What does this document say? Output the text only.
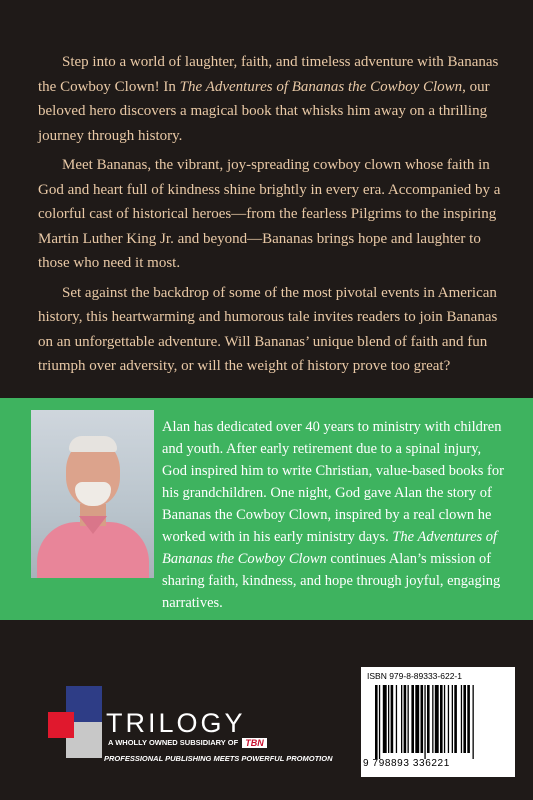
Step into a world of laughter, faith, and timeless adventure with Bananas the Cowboy Clown! In The Adventures of Bananas the Cowboy Clown, our beloved hero discovers a magical book that whisks him away on a thrilling journey through history.

Meet Bananas, the vibrant, joy-spreading cowboy clown whose faith in God and heart full of kindness shine brightly in every era. Accompanied by a colorful cast of historical heroes—from the fearless Pilgrims to the inspiring Martin Luther King Jr. and beyond—Bananas brings hope and laughter to those who need it most.

Set against the backdrop of some of the most pivotal events in American history, this heartwarming and humorous tale invites readers to join Bananas on an unforgettable adventure. Will Bananas’ unique blend of faith and fun triumph over adversity, or will the weight of history prove too great?

Alan has dedicated over 40 years to ministry with children and youth. After early retirement due to a spinal injury, God inspired him to write Christian, value-based books for his grandchildren. One night, God gave Alan the story of Bananas the Cowboy Clown, inspired by a real clown he worked with in his early ministry days. The Adventures of Bananas the Cowboy Clown continues Alan’s mission of sharing faith, kindness, and hope through joyful, engaging narratives.
TRILOGY
A WHOLLY OWNED SUBSIDIARY OF TBN
PROFESSIONAL PUBLISHING MEETS POWERFUL PROMOTION
ISBN 979-8-89333-622-1
9 798893 336221
